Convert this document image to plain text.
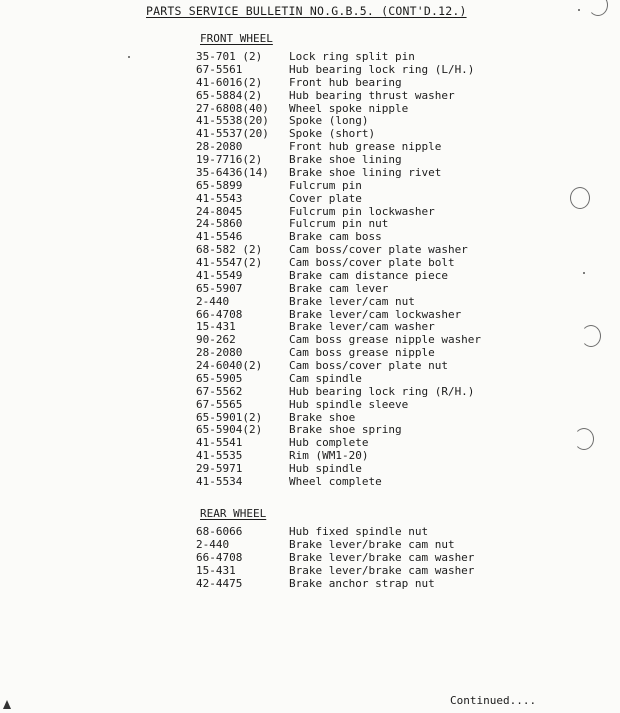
PARTS SERVICE BULLETIN NO.G.B.5. (CONT'D.12.)
FRONT WHEEL
35-701 (2) Lock ring split pin
67-5561	Hub bearing lock ring (L/H.)
41-6016(2) Front hub bearing
65-5884(2) Hub bearing thrust washer
27-6808(40) Wheel spoke nipple
41-5538(20) Spoke (long)
41-5537(20) Spoke (short)
28-2080	Front hub grease nipple
19-7716(2) Brake shoe lining
35-6436(14) Brake shoe lining rivet
65-5899	Fulcrum pin
41-5543	Cover plate
24-8045	Fulcrum pin lockwasher
24-5860	Fulcrum pin nut
41-5546	Brake cam boss
68-582 (2) Cam boss/cover plate washer
41-5547(2) Cam boss/cover plate bolt
41-5549	Brake cam distance piece
65-5907	Brake cam lever
2-440	Brake lever/cam nut
66-4708	Brake lever/cam lockwasher
15-431	Brake lever/cam washer
90-262	Cam boss grease nipple washer
28-2080	Cam boss grease nipple
24-6040(2) Cam boss/cover plate nut
65-5905	Cam spindle
67-5562	Hub bearing lock ring (R/H.)
67-5565	Hub spindle sleeve
65-5901(2) Brake shoe
65-5904(2) Brake shoe spring
41-5541	Hub complete
41-5535	Rim (WM1-20)
29-5971	Hub spindle
41-5534	Wheel complete
REAR WHEEL
68-6066	Hub fixed spindle nut
2-440	Brake lever/brake cam nut
66-4708	Brake lever/brake cam washer
15-431	Brake lever/brake cam washer
42-4475	Brake anchor strap nut
Continued....
